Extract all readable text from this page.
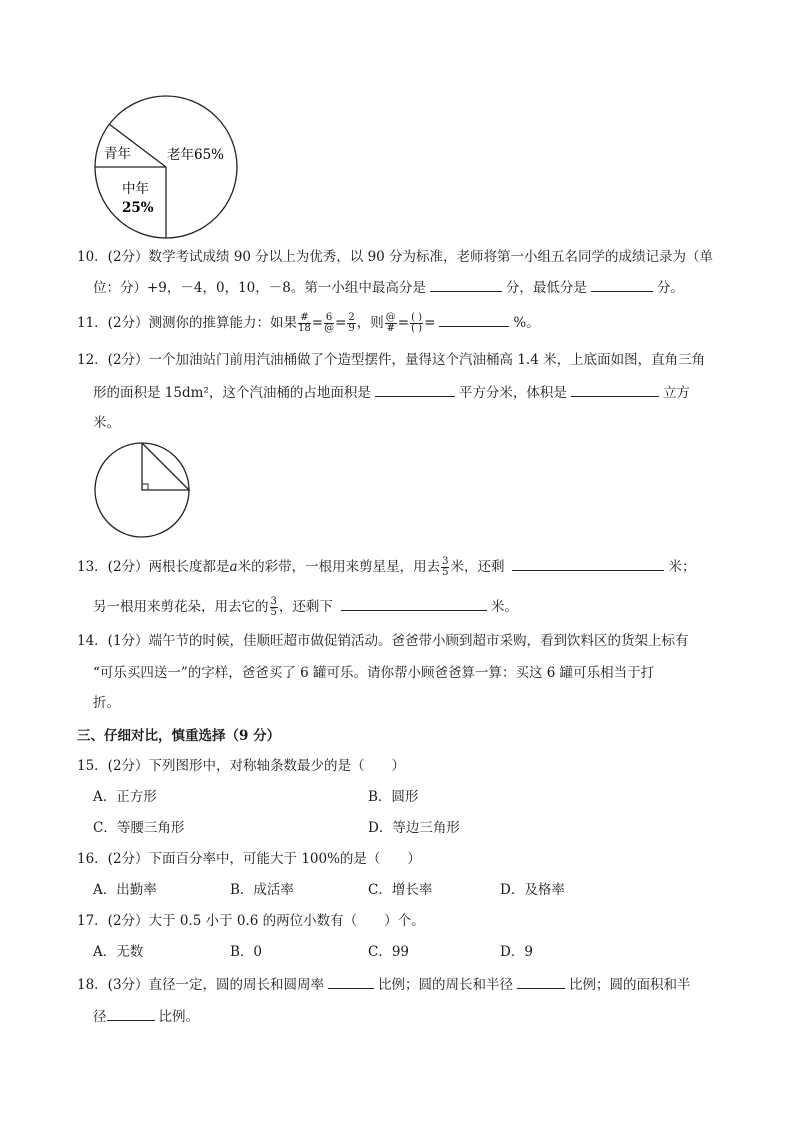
青年	老年65%
中年
25%
10．(2分）数学考试成绩 90 分以上为优秀，以 90 分为标准，老师将第一小组五名同学的成绩记录为（单
位：分）+9，－4，0，10，－8。第一小组中最高分是	分，最低分是	分。
11．(2分）测测你的推算能力：如果 #
18 = 6
@ = $\frac{2}{9}$ ，则 @
# = ( )
( ) =	%。
12．(2分）一个加油站门前用汽油桶做了个造型摆件，量得这个汽油桶高 1.4 米，上底面如图，直角三角
形的面积是 15dm²，这个汽油桶的占地面积是	平方分米，体积是	立方
米。
13．(2分）两根长度都是a米的彩带，一根用来剪星星，用去 $\frac{3}{5}$ 米，还剩	米；
另一根用来剪花朵，用去它的 $\frac{3}{5}$ ，还剩下	米。
14．(1分）端午节的时候，佳顺旺超市做促销活动。爸爸带小顾到超市采购，看到饮料区的货架上标有
“可乐买四送一”的字样，爸爸买了 6 罐可乐。请你帮小顾爸爸算一算：买这 6 罐可乐相当于打
折。
三、仔细对比，慎重选择（9 分）
15．(2分）下列图形中，对称轴条数最少的是（　　）
A．正方形	B．圆形
C．等腰三角形	D．等边三角形
16．(2分）下面百分率中，可能大于 100%的是（　　）
A．出勤率	B．成活率	C．增长率	D．及格率
17．(2分）大于 0.5 小于 0.6 的两位小数有（　　）个。
A．无数	B．0	C．99	D．9
18．(3分）直径一定，圆的周长和圆周率	比例；圆的周长和半径	比例；圆的面积和半
径	比例。
